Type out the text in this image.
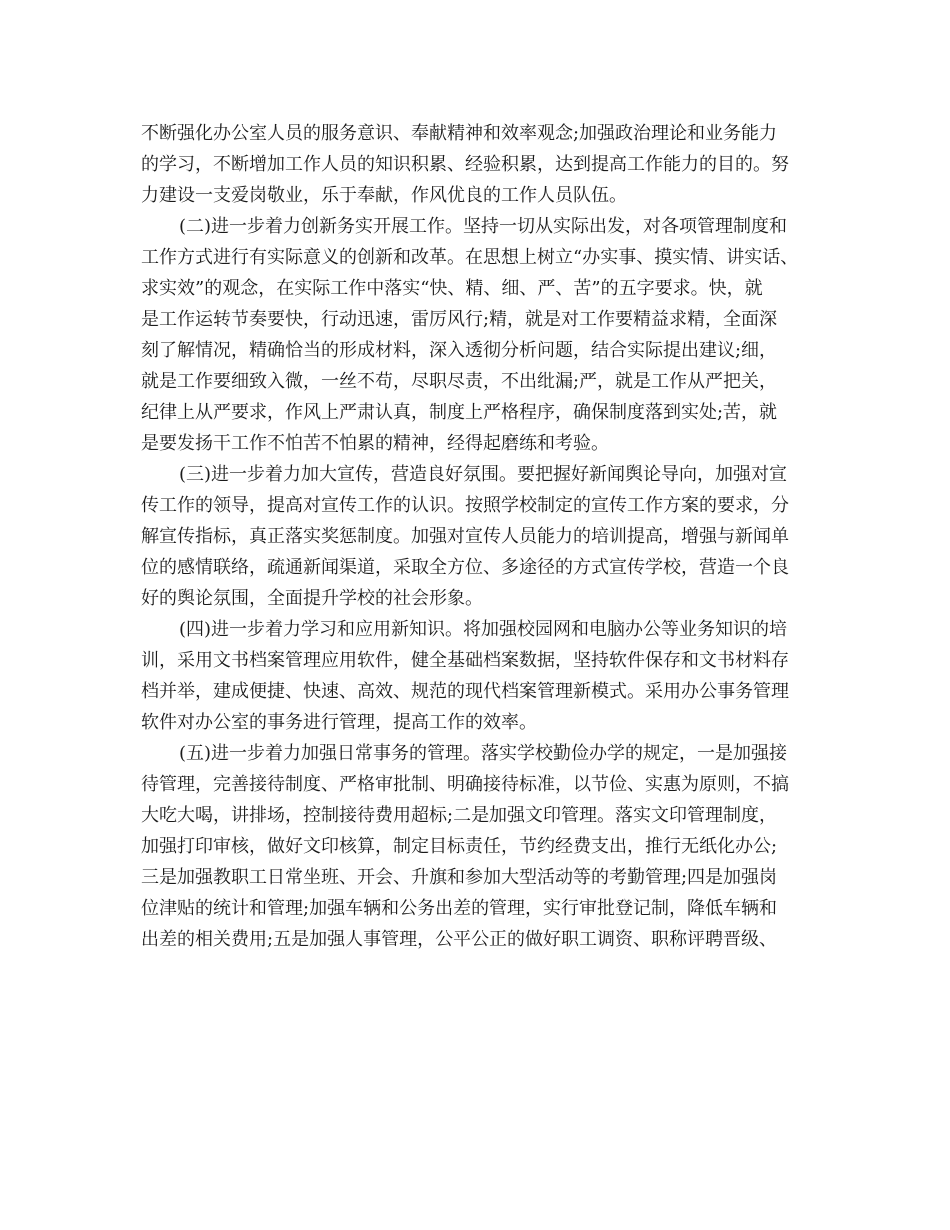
不断强化办公室人员的服务意识、奉献精神和效率观念;加强政治理论和业务能力
的学习，不断增加工作人员的知识积累、经验积累，达到提高工作能力的目的。努
力建设一支爱岗敬业，乐于奉献，作风优良的工作人员队伍。
(二)进一步着力创新务实开展工作。坚持一切从实际出发，对各项管理制度和
工作方式进行有实际意义的创新和改革。在思想上树立“办实事、摸实情、讲实话、
求实效”的观念，在实际工作中落实“快、精、细、严、苦”的五字要求。快，就
是工作运转节奏要快，行动迅速，雷厉风行;精，就是对工作要精益求精，全面深
刻了解情况，精确恰当的形成材料，深入透彻分析问题，结合实际提出建议;细，
就是工作要细致入微，一丝不苟，尽职尽责，不出纰漏;严，就是工作从严把关，
纪律上从严要求，作风上严肃认真，制度上严格程序，确保制度落到实处;苦，就
是要发扬干工作不怕苦不怕累的精神，经得起磨练和考验。
(三)进一步着力加大宣传，营造良好氛围。要把握好新闻舆论导向，加强对宣
传工作的领导，提高对宣传工作的认识。按照学校制定的宣传工作方案的要求，分
解宣传指标，真正落实奖惩制度。加强对宣传人员能力的培训提高，增强与新闻单
位的感情联络，疏通新闻渠道，采取全方位、多途径的方式宣传学校，营造一个良
好的舆论氛围，全面提升学校的社会形象。
(四)进一步着力学习和应用新知识。将加强校园网和电脑办公等业务知识的培
训，采用文书档案管理应用软件，健全基础档案数据，坚持软件保存和文书材料存
档并举，建成便捷、快速、高效、规范的现代档案管理新模式。采用办公事务管理
软件对办公室的事务进行管理，提高工作的效率。
(五)进一步着力加强日常事务的管理。落实学校勤俭办学的规定，一是加强接
待管理，完善接待制度、严格审批制、明确接待标准，以节俭、实惠为原则，不搞
大吃大喝，讲排场，控制接待费用超标;二是加强文印管理。落实文印管理制度，
加强打印审核，做好文印核算，制定目标责任，节约经费支出，推行无纸化办公;
三是加强教职工日常坐班、开会、升旗和参加大型活动等的考勤管理;四是加强岗
位津贴的统计和管理;加强车辆和公务出差的管理，实行审批登记制，降低车辆和
出差的相关费用;五是加强人事管理，公平公正的做好职工调资、职称评聘晋级、
